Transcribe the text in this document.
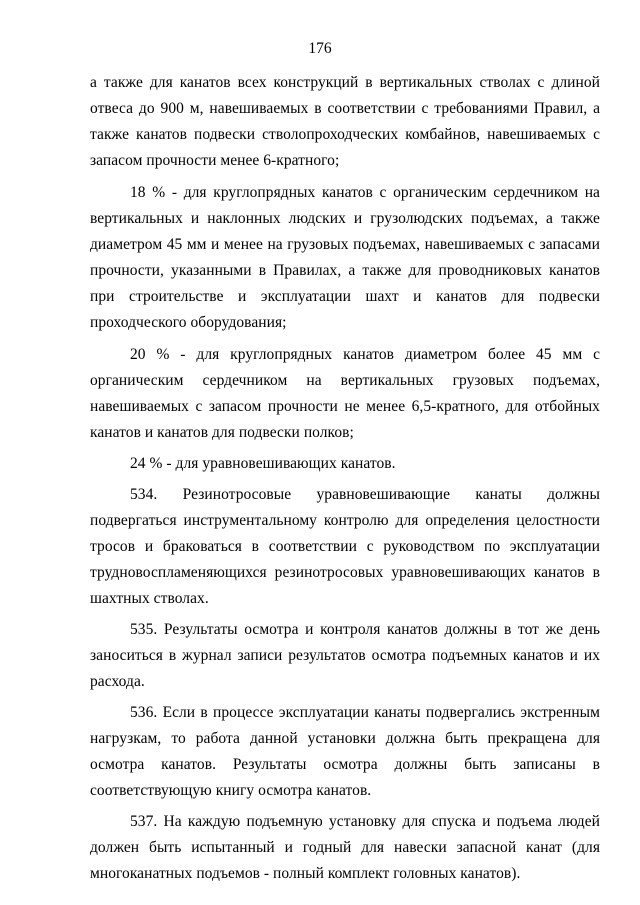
176

а также для канатов всех конструкций в вертикальных стволах с длиной отвеса до 900 м, навешиваемых в соответствии с требованиями Правил, а также канатов подвески стволопроходческих комбайнов, навешиваемых с запасом прочности менее 6-кратного;

18 % - для круглопрядных канатов с органическим сердечником на вертикальных и наклонных людских и грузолюдских подъемах, а также диаметром 45 мм и менее на грузовых подъемах, навешиваемых с запасами прочности, указанными в Правилах, а также для проводниковых канатов при строительстве и эксплуатации шахт и канатов для подвески проходческого оборудования;

20 % - для круглопрядных канатов диаметром более 45 мм с органическим сердечником на вертикальных грузовых подъемах, навешиваемых с запасом прочности не менее 6,5-кратного, для отбойных канатов и канатов для подвески полков;

24 % - для уравновешивающих канатов.

534. Резинотросовые уравновешивающие канаты должны подвергаться инструментальному контролю для определения целостности тросов и браковаться в соответствии с руководством по эксплуатации трудновоспламеняющихся резинотросовых уравновешивающих канатов в шахтных стволах.

535. Результаты осмотра и контроля канатов должны в тот же день заноситься в журнал записи результатов осмотра подъемных канатов и их расхода.

536. Если в процессе эксплуатации канаты подвергались экстренным нагрузкам, то работа данной установки должна быть прекращена для осмотра канатов. Результаты осмотра должны быть записаны в соответствующую книгу осмотра канатов.

537. На каждую подъемную установку для спуска и подъема людей должен быть испытанный и годный для навески запасной канат (для многоканатных подъемов - полный комплект головных канатов).
